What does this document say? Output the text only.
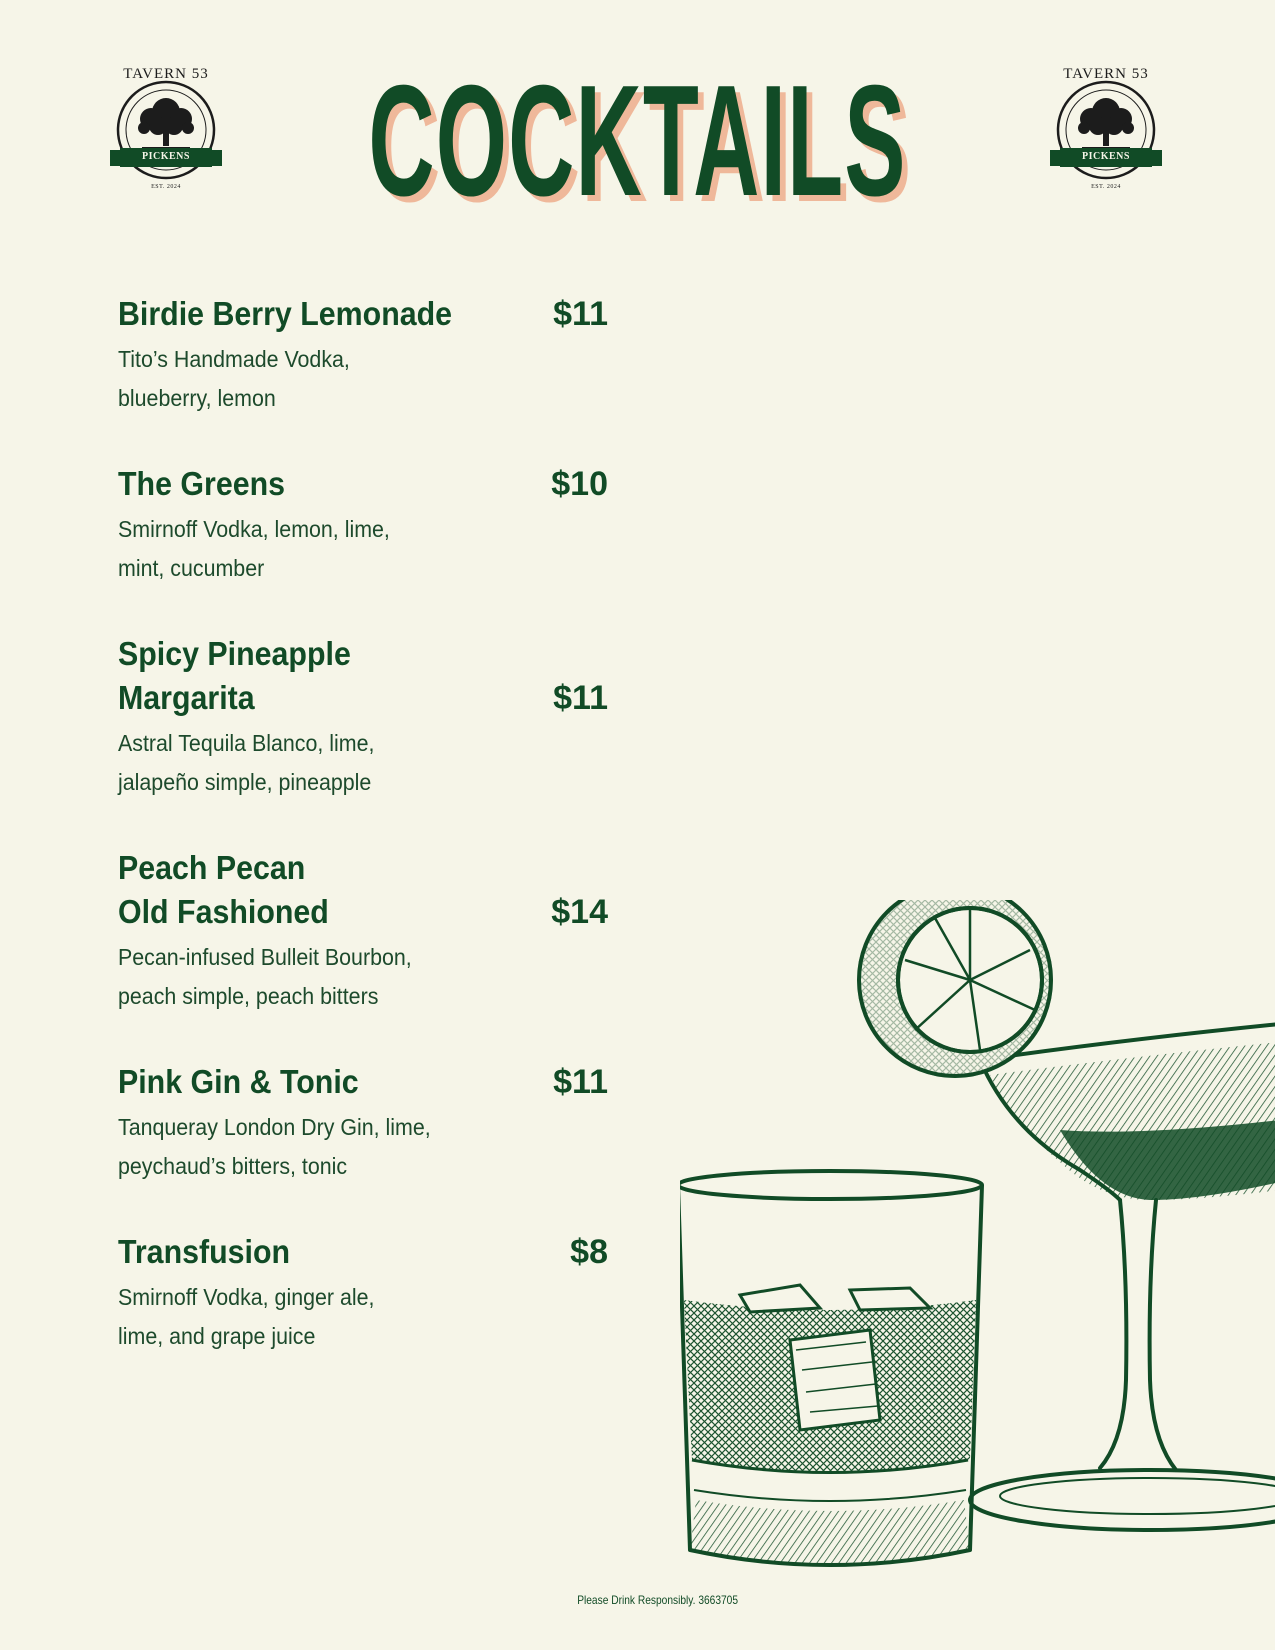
TAVERN 53
PICKENS
EST. 2024
TAVERN 53
PICKENS
EST. 2024
COCKTAILS
Birdie Berry Lemonade	$11
Tito’s Handmade Vodka,
blueberry, lemon
The Greens	$10
Smirnoff Vodka, lemon, lime,
mint, cucumber
Spicy Pineapple
Margarita	$11
Astral Tequila Blanco, lime,
jalapeño simple, pineapple
Peach Pecan
Old Fashioned	$14
Pecan-infused Bulleit Bourbon,
peach simple, peach bitters
Pink Gin & Tonic	$11
Tanqueray London Dry Gin, lime,
peychaud’s bitters, tonic
Transfusion	$8
Smirnoff Vodka, ginger ale,
lime, and grape juice
Please Drink Responsibly. 3663705
